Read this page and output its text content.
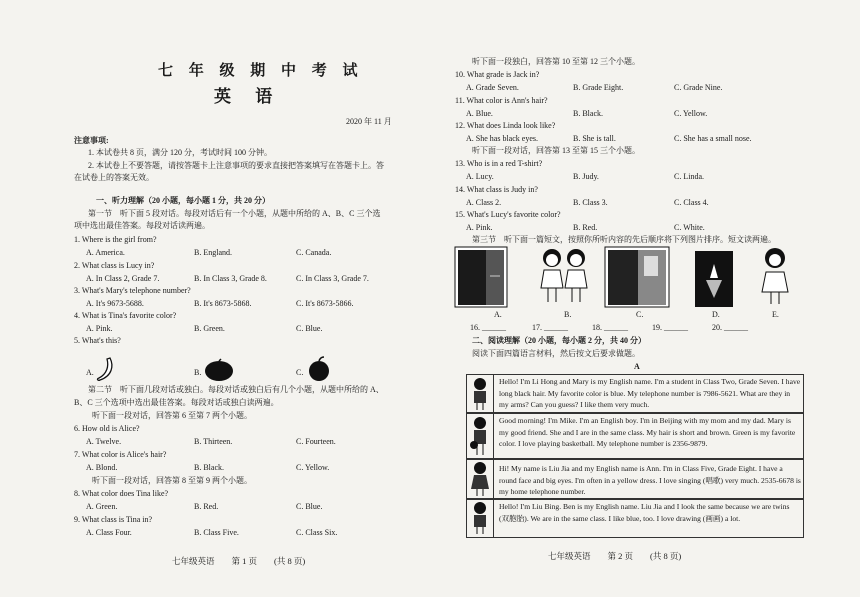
七 年 级 期 中 考 试
英 语
2020 年 11 月
注意事项:
1. 本试卷共 8 页，满分 120 分，考试时间 100 分钟。
2. 本试卷上不要答题，请按答题卡上注意事项的要求直接把答案填写在答题卡上。答
在试卷上的答案无效。
一、听力理解（20 小题，每小题 1 分，共 20 分）
第一节　听下面 5 段对话。每段对话后有一个小题，从题中所给的 A、B、C 三个选
项中选出最佳答案。每段对话读两遍。
1. Where is the girl from?
A. America.	B. England.	C. Canada.
2. What class is Lucy in?
A. In Class 2, Grade 7.	B. In Class 3, Grade 8.	C. In Class 3, Grade 7.
3. What's Mary's telephone number?
A. It's 9673-5688.	B. It's 8673-5868.	C. It's 8673-5866.
4. What is Tina's favorite color?
A. Pink.	B. Green.	C. Blue.
5. What's this?
A.	B.	C.
第二节　听下面几段对话或独白。每段对话或独白后有几个小题，从题中所给的 A、
B、C 三个选项中选出最佳答案。每段对话或独白读两遍。
听下面一段对话，回答第 6 至第 7 两个小题。
6. How old is Alice?
A. Twelve.	B. Thirteen.	C. Fourteen.
7. What color is Alice's hair?
A. Blond.	B. Black.	C. Yellow.
听下面一段对话，回答第 8 至第 9 两个小题。
8. What color does Tina like?
A. Green.	B. Red.	C. Blue.
9. What class is Tina in?
A. Class Four.	B. Class Five.	C. Class Six.
七年级英语　　第 1 页　　(共 8 页)
听下面一段独白，回答第 10 至第 12 三个小题。
10. What grade is Jack in?
A. Grade Seven.	B. Grade Eight.	C. Grade Nine.
11. What color is Ann's hair?
A. Blue.	B. Black.	C. Yellow.
12. What does Linda look like?
A. She has black eyes.	B. She is tall.	C. She has a small nose.
听下面一段对话，回答第 13 至第 15 三个小题。
13. Who is in a red T-shirt?
A. Lucy.	B. Judy.	C. Linda.
14. What class is Judy in?
A. Class 2.	B. Class 3.	C. Class 4.
15. What's Lucy's favorite color?
A. Pink.	B. Red.	C. White.
第三节　听下面一篇短文，按照你所听内容的先后顺序将下列图片排序。短文读两遍。
A.	B.	C.	D.	E.
16. ______	17. ______	18. ______	19. ______	20. ______
二、阅读理解（20 小题，每小题 2 分，共 40 分）
阅读下面四篇语言材料，然后按文后要求做题。
A
Hello! I'm Li Hong and Mary is my English name. I'm a student in Class Two, Grade Seven. I have long black hair. My favorite color is blue. My telephone number is 7986-5621. What are they in my arms? Can you guess? I like them very much.
Good morning! I'm Mike. I'm an English boy. I'm in Beijing with my mom and my dad. Mary is my good friend. She and I are in the same class. My hair is short and brown. Green is my favorite color. I love playing basketball. My telephone number is 2356-9879.
Hi! My name is Liu Jia and my English name is Ann. I'm in Class Five, Grade Eight. I have a round face and big eyes. I'm often in a yellow dress. I love singing (唱歌) very much. 2535-6678 is my home telephone number.
Hello! I'm Liu Bing. Ben is my English name. Liu Jia and I look the same because we are twins (双胞胎). We are in the same class. I like blue, too. I love drawing (画画) a lot.
七年级英语　　第 2 页　　(共 8 页)
